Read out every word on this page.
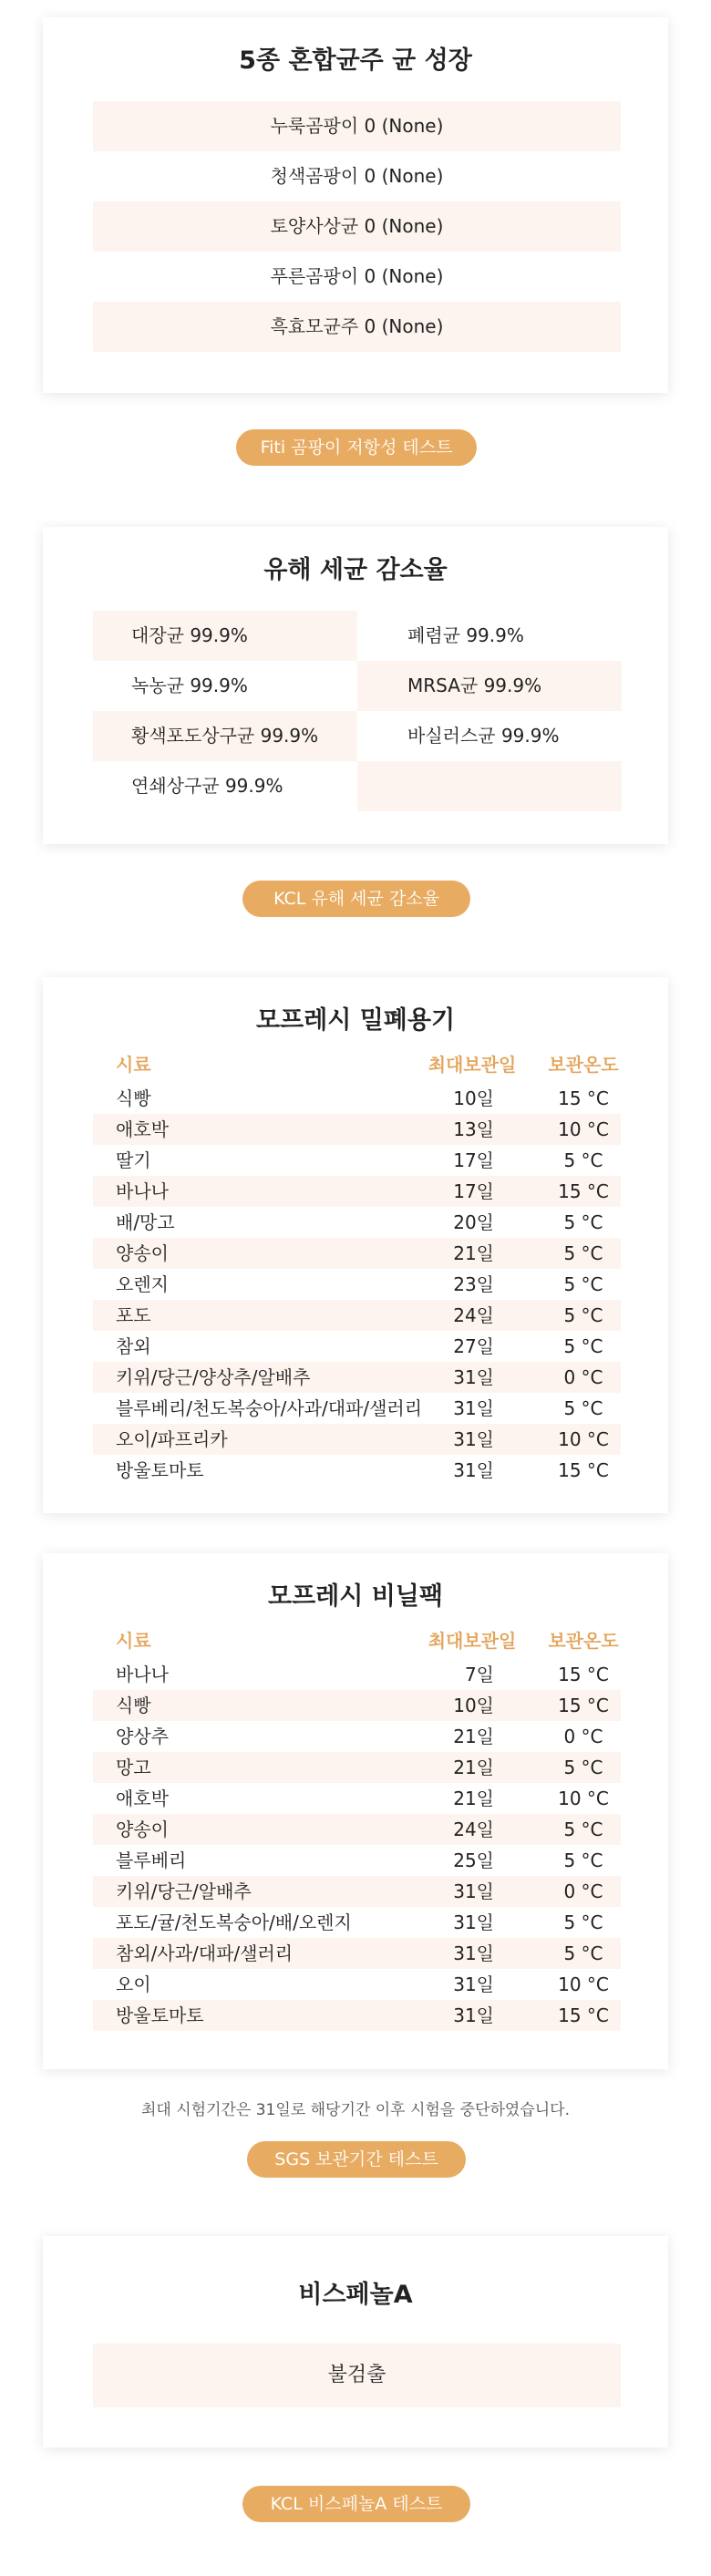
5종 혼합균주 균 성장
누룩곰팡이 0 (None)
청색곰팡이 0 (None)
토양사상균 0 (None)
푸른곰팡이 0 (None)
흑효모균주 0 (None)
Fiti 곰팡이 저항성 테스트
유해 세균 감소율
대장균 99.9%	폐렴균 99.9%
녹농균 99.9%	MRSA균 99.9%
황색포도상구균 99.9%	바실러스균 99.9%
연쇄상구균 99.9%
KCL 유해 세균 감소율
모프레시 밀폐용기
시료	최대보관일	보관온도
식빵	10일	15 °C
애호박	13일	10 °C
딸기	17일	5 °C
바나나	17일	15 °C
배/망고	20일	5 °C
양송이	21일	5 °C
오렌지	23일	5 °C
포도	24일	5 °C
참외	27일	5 °C
키위/당근/양상추/알배추	31일	0 °C
블루베리/천도복숭아/사과/대파/샐러리	31일	5 °C
오이/파프리카	31일	10 °C
방울토마토	31일	15 °C
모프레시 비닐팩
시료	최대보관일	보관온도
바나나	7일	15 °C
식빵	10일	15 °C
양상추	21일	0 °C
망고	21일	5 °C
애호박	21일	10 °C
양송이	24일	5 °C
블루베리	25일	5 °C
키위/당근/알배추	31일	0 °C
포도/귤/천도복숭아/배/오렌지	31일	5 °C
참외/사과/대파/샐러리	31일	5 °C
오이	31일	10 °C
방울토마토	31일	15 °C
최대 시험기간은 31일로 해당기간 이후 시험을 중단하였습니다.
SGS 보관기간 테스트
비스페놀A
불검출
KCL 비스페놀A 테스트
